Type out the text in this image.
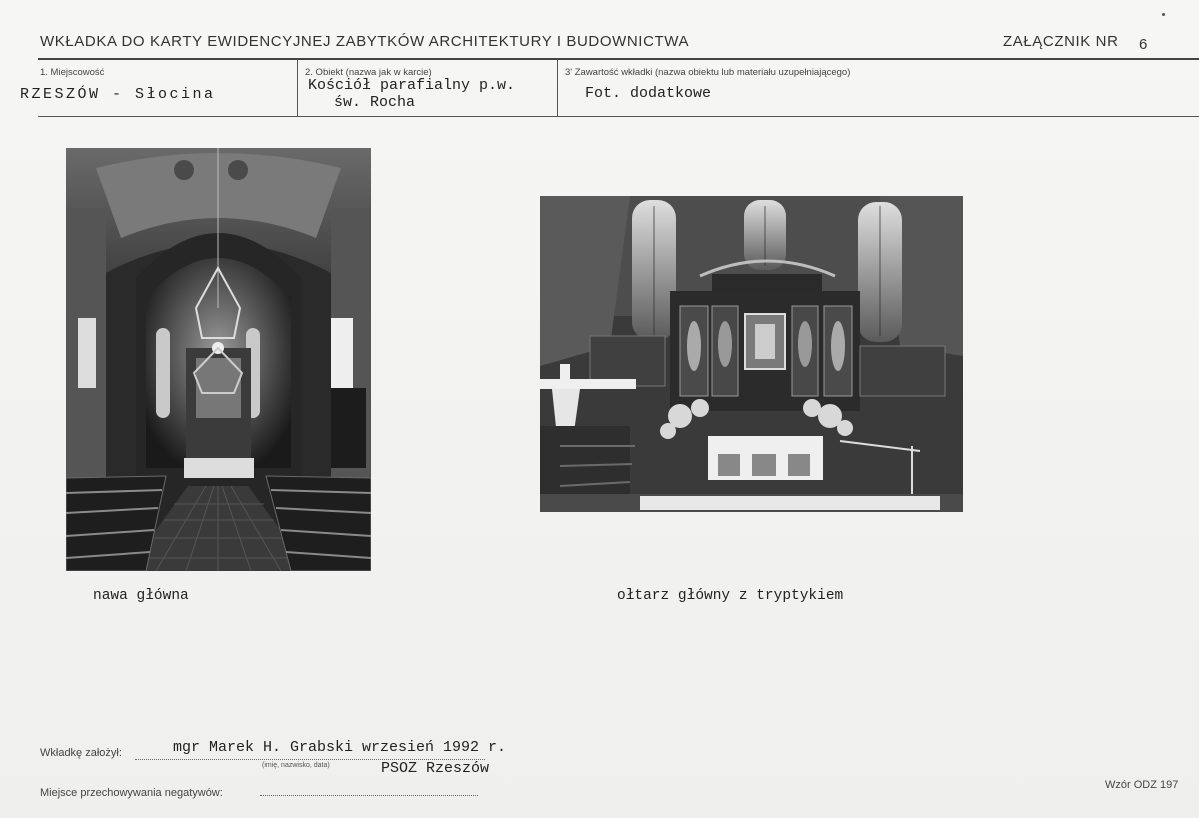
WKŁADKA DO KARTY EWIDENCYJNEJ ZABYTKÓW ARCHITEKTURY I BUDOWNICTWA	ZAŁĄCZNIK NR 6
1. Miejscowość
RZESZÓW - Słocina
2. Obiekt (nazwa jak w karcie)
Kościół parafialny p.w.
św. Rocha
3' Zawartość wkładki (nazwa obiektu lub materiału uzupełniającego)
Fot. dodatkowe
nawa główna	ołtarz główny z tryptykiem
Wkładkę założył:	mgr Marek H. Grabski wrzesień 1992 r.
(imię, nazwisko, data)	PSOZ Rzeszów
Miejsce przechowywania negatywów:
Wzór ODZ 197
